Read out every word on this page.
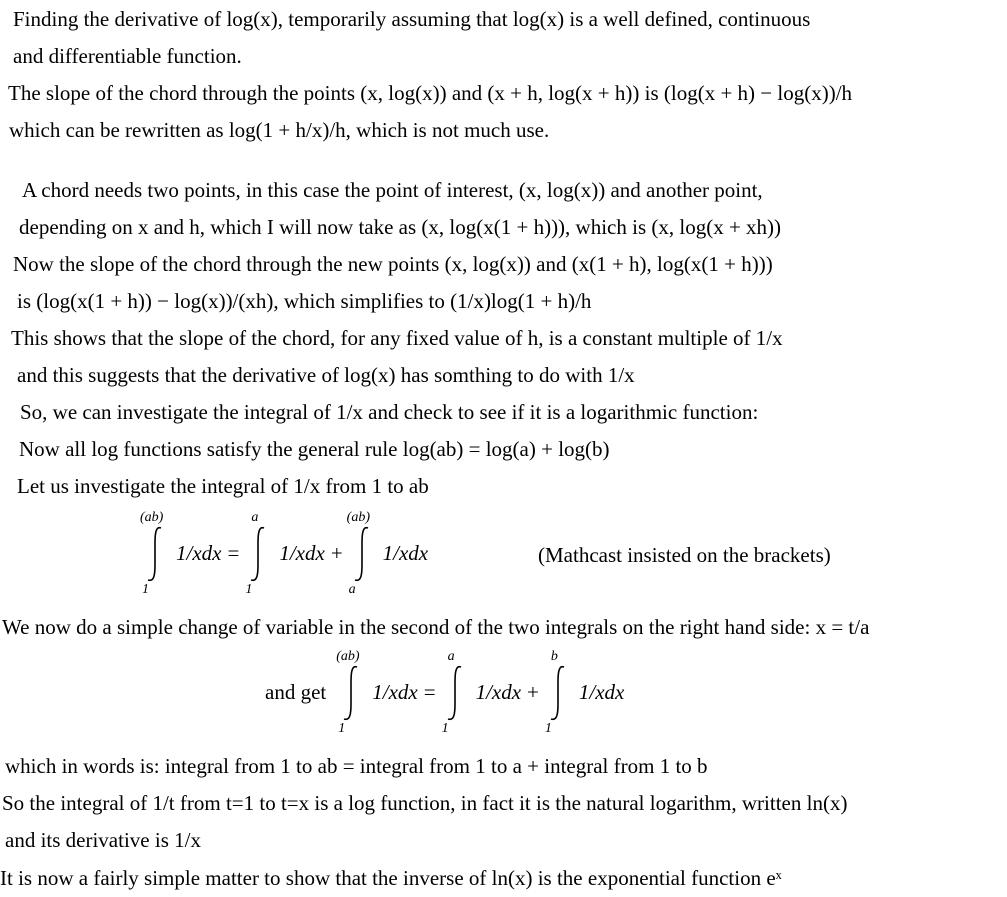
Finding the derivative of log(x), temporarily assuming that log(x) is a well defined, continuous
and differentiable function.
The slope of the chord through the points (x, log(x)) and (x + h, log(x + h)) is (log(x + h) − log(x))/h
which can be rewritten as log(1 + h/x)/h, which is not much use.
A chord needs two points, in this case the point of interest, (x, log(x)) and another point,
depending on x and h, which I will now take as (x, log(x(1 + h))), which is (x, log(x + xh))
Now the slope of the chord through the new points (x, log(x)) and (x(1 + h), log(x(1 + h)))
is (log(x(1 + h)) − log(x))/(xh), which simplifies to (1/x)log(1 + h)/h
This shows that the slope of the chord, for any fixed value of h, is a constant multiple of 1/x
and this suggests that the derivative of log(x) has somthing to do with 1/x
So, we can investigate the integral of 1/x and check to see if it is a logarithmic function:
Now all log functions satisfy the general rule log(ab) = log(a) + log(b)
Let us investigate the integral of 1/x from 1 to ab
(ab)
1
1/xdx =
a
1
1/xdx +
(ab)
a
1/xdx	(Mathcast insisted on the brackets)
We now do a simple change of variable in the second of the two integrals on the right hand side: x = t/a
and get
(ab)
1
1/xdx =
a
1
1/xdx +
b
1
1/xdx
which in words is: integral from 1 to ab = integral from 1 to a + integral from 1 to b
So the integral of 1/t from t=1 to t=x is a log function, in fact it is the natural logarithm, written ln(x)
and its derivative is 1/x
It is now a fairly simple matter to show that the inverse of ln(x) is the exponential function eˣ
